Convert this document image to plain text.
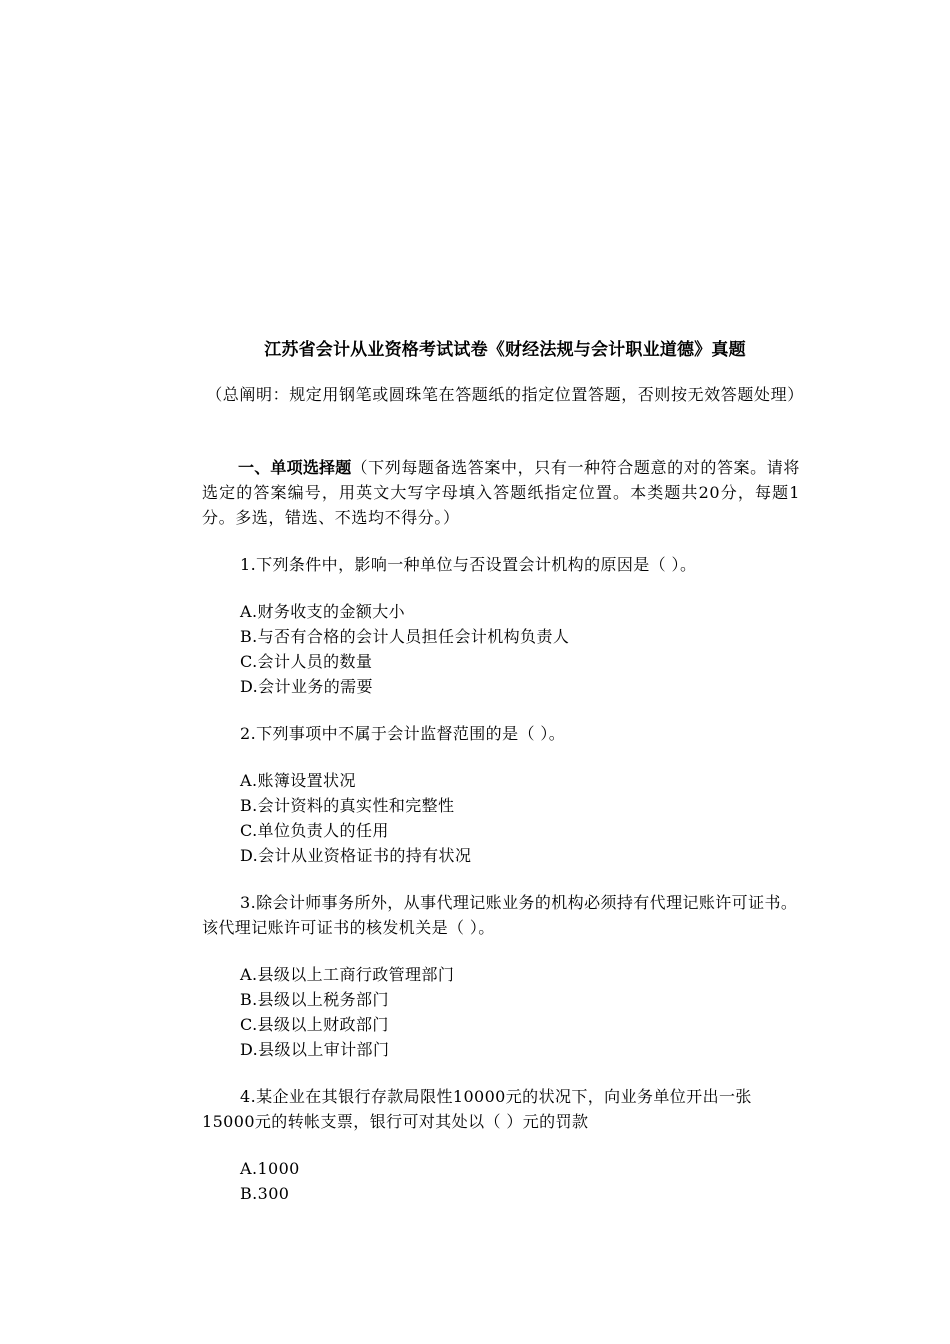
江苏省会计从业资格考试试卷《财经法规与会计职业道德》真题
（总阐明：规定用钢笔或圆珠笔在答题纸的指定位置答题，否则按无效答题处理）
一、单项选择题（下列每题备选答案中，只有一种符合题意的对的答案。请将选定的答案编号，用英文大写字母填入答题纸指定位置。本类题共20分，每题1分。多选，错选、不选均不得分。）
1.下列条件中，影响一种单位与否设置会计机构的原因是（ ）。
A.财务收支的金额大小
B.与否有合格的会计人员担任会计机构负责人
C.会计人员的数量
D.会计业务的需要
2.下列事项中不属于会计监督范围的是（ ）。
A.账簿设置状况
B.会计资料的真实性和完整性
C.单位负责人的任用
D.会计从业资格证书的持有状况
3.除会计师事务所外，从事代理记账业务的机构必须持有代理记账许可证书。该代理记账许可证书的核发机关是（ ）。
A.县级以上工商行政管理部门
B.县级以上税务部门
C.县级以上财政部门
D.县级以上审计部门
4.某企业在其银行存款局限性10000元的状况下，向业务单位开出一张15000元的转帐支票，银行可对其处以（ ）元的罚款
A.1000
B.300
